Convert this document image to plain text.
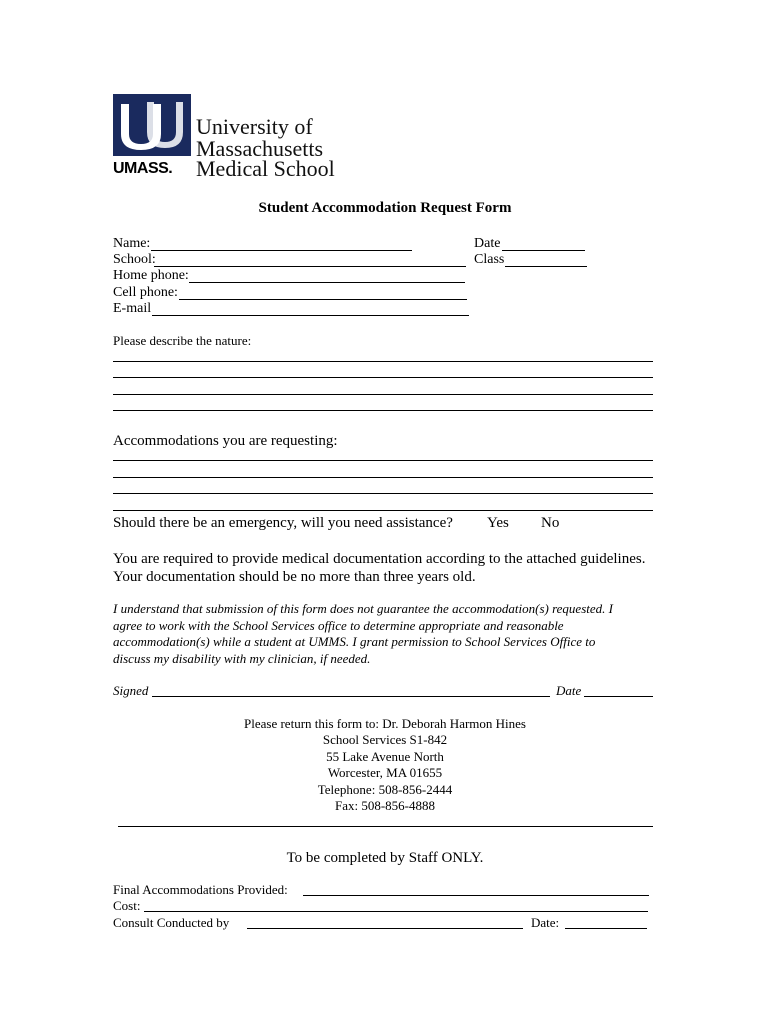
University of
Massachusetts
UMASS. Medical School
Student Accommodation Request Form
Name:	Date
School:	Class
Home phone:
Cell phone:
E-mail
Please describe the nature:
Accommodations you are requesting:
Should there be an emergency, will you need assistance? Yes No
You are required to provide medical documentation according to the attached guidelines.
Your documentation should be no more than three years old.
I understand that submission of this form does not guarantee the accommodation(s) requested. I
agree to work with the School Services office to determine appropriate and reasonable
accommodation(s) while a student at UMMS. I grant permission to School Services Office to
discuss my disability with my clinician, if needed.
Signed	Date
Please return this form to: Dr. Deborah Harmon Hines
School Services S1-842
55 Lake Avenue North
Worcester, MA 01655
Telephone: 508-856-2444
Fax: 508-856-4888
To be completed by Staff ONLY.
Final Accommodations Provided:
Cost:
Consult Conducted by	Date:
